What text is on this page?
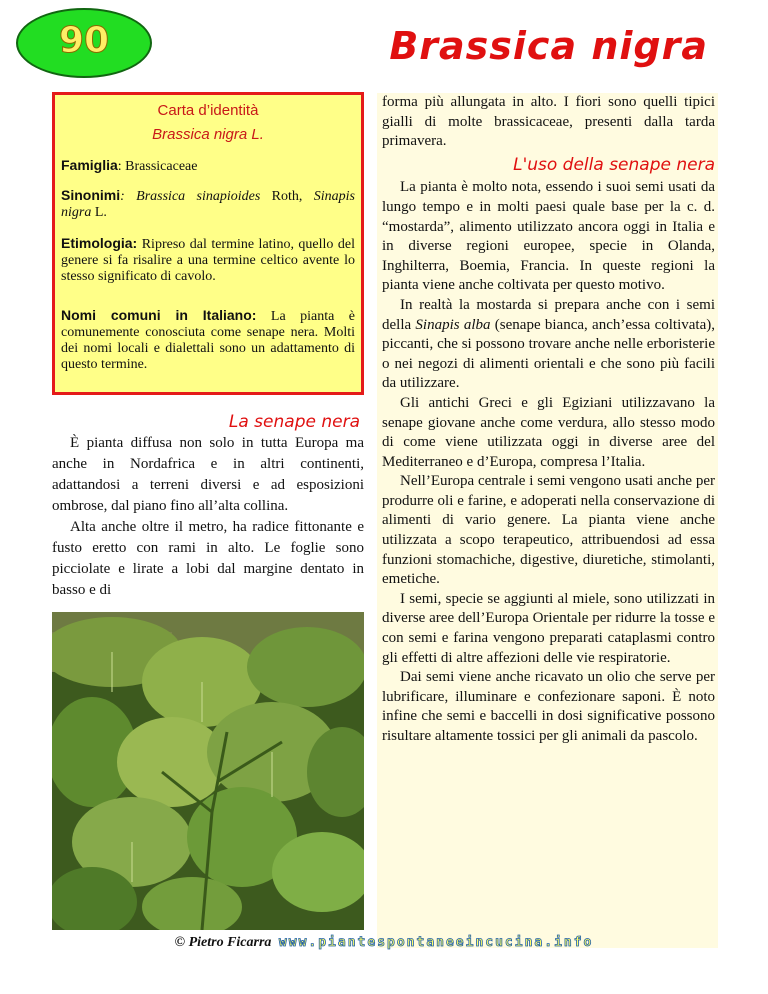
90	Brassica nigra
Carta d’identità
Brassica nigra L.

Famiglia: Brassicaceae

Sinonimi: Brassica sinapioides Roth, Sinapis nigra L.

Etimologia: Ripreso dal termine latino, quello del genere si fa risalire a una termine celtico avente lo stesso significato di cavolo.

Nomi comuni in Italiano: La pianta è comunemente conosciuta come senape nera. Molti dei nomi locali e dialettali sono un adattamento di questo termine.

La senape nera

È pianta diffusa non solo in tutta Europa ma anche in Nordafrica e in altri continenti, adattandosi a terreni diversi e ad esposizioni ombrose, dal piano fino all’alta collina.

Alta anche oltre il metro, ha radice fittonante e fusto eretto con rami in alto. Le foglie sono picciolate e lirate a lobi dal margine dentato in basso e di

forma più allungata in alto. I fiori sono quelli tipici gialli di molte brassicaceae, presenti dalla tarda primavera.

L'uso della senape nera

La pianta è molto nota, essendo i suoi semi usati da lungo tempo e in molti paesi quale base per la c. d. “mostarda”, alimento utilizzato ancora oggi in Italia e in diverse regioni europee, specie in Olanda, Inghilterra, Boemia, Francia. In queste regioni la pianta viene anche coltivata per questo motivo.

In realtà la mostarda si prepara anche con i semi della Sinapis alba (senape bianca, anch’essa coltivata), piccanti, che si possono trovare anche nelle erboristerie o nei negozi di alimenti orientali e che sono più facili da utilizzare.

Gli antichi Greci e gli Egiziani utilizzavano la senape giovane anche come verdura, allo stesso modo di come viene utilizzata oggi in diverse aree del Mediterraneo e d’Europa, compresa l’Italia.

Nell’Europa centrale i semi vengono usati anche per produrre oli e farine, e adoperati nella conservazione di alimenti di vario genere. La pianta viene anche utilizzata a scopo terapeutico, attribuendosi ad essa funzioni stomachiche, digestive, diuretiche, stimolanti, emetiche.

I semi, specie se aggiunti al miele, sono utilizzati in diverse aree dell’Europa Orientale per ridurre la tosse e con semi e farina vengono preparati cataplasmi contro gli effetti di altre affezioni delle vie respiratorie.

Dai semi viene anche ricavato un olio che serve per lubrificare, illuminare e confezionare saponi. È noto infine che semi e baccelli in dosi significative possono risultare altamente tossici per gli animali da pascolo.

© Pietro Ficarra www.piantespontaneeincucina.info
